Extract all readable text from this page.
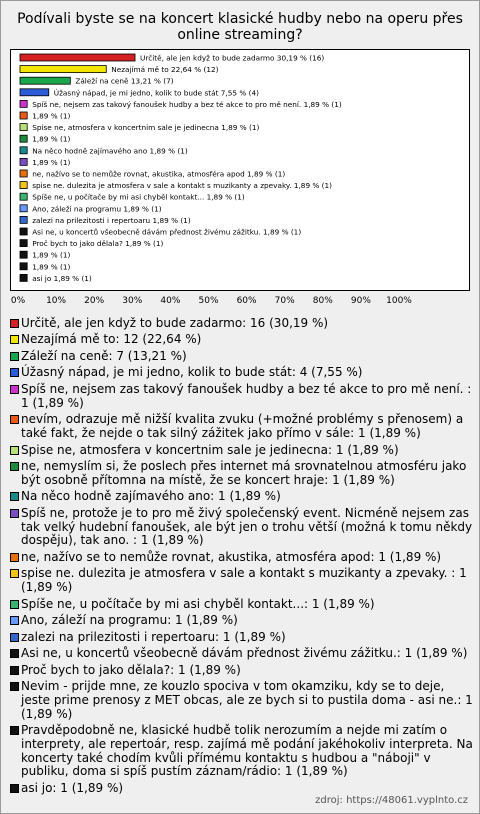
Podívali byste se na koncert klasické hudby nebo na operu přes online streaming?
Určitě, ale jen když to bude zadarmo 30,19 % (16)
Nezajímá mě to 22,64 % (12)
Záleží na ceně 13,21 % (7)
Úžasný nápad, je mi jedno, kolik to bude stát 7,55 % (4)
Spíš ne, nejsem zas takový fanoušek hudby a bez té akce to pro mě není. 1,89 % (1)
1,89 % (1)
Spise ne, atmosfera v koncertnim sale je jedinecna 1,89 % (1)
1,89 % (1)
Na něco hodně zajímavého ano 1,89 % (1)
1,89 % (1)
ne, nažívo se to nemůže rovnat, akustika, atmosféra apod 1,89 % (1)
spise ne. dulezita je atmosfera v sale a kontakt s muzikanty a zpevaky. 1,89 % (1)
Spíše ne, u počítače by mi asi chyběl kontakt... 1,89 % (1)
Ano, záleží na programu 1,89 % (1)
zalezi na prilezitosti i repertoaru 1,89 % (1)
Asi ne, u koncertů všeobecně dávám přednost živému zážitku. 1,89 % (1)
Proč bych to jako dělala? 1,89 % (1)
1,89 % (1)
1,89 % (1)
asi jo 1,89 % (1)
0% 10% 20% 30% 40% 50% 60% 70% 80% 90% 100%
Určitě, ale jen když to bude zadarmo: 16 (30,19 %)
Nezajímá mě to: 12 (22,64 %)
Záleží na ceně: 7 (13,21 %)
Úžasný nápad, je mi jedno, kolik to bude stát: 4 (7,55 %)
Spíš ne, nejsem zas takový fanoušek hudby a bez té akce to pro mě není. : 1 (1,89 %)
nevím, odrazuje mě nižší kvalita zvuku (+možné problémy s přenosem) a také fakt, že nejde o tak silný zážitek jako přímo v sále: 1 (1,89 %)
Spise ne, atmosfera v koncertnim sale je jedinecna: 1 (1,89 %)
ne, nemyslím si, že poslech přes internet má srovnatelnou atmosféru jako být osobně přítomna na místě, že se koncert hraje: 1 (1,89 %)
Na něco hodně zajímavého ano: 1 (1,89 %)
Spíš ne, protože je to pro mě živý společenský event. Nicméně nejsem zas tak velký hudební fanoušek, ale být jen o trohu větší (možná k tomu někdy dospěju), tak ano. : 1 (1,89 %)
ne, nažívo se to nemůže rovnat, akustika, atmosféra apod: 1 (1,89 %)
spise ne. dulezita je atmosfera v sale a kontakt s muzikanty a zpevaky. : 1 (1,89 %)
Spíše ne, u počítače by mi asi chyběl kontakt...: 1 (1,89 %)
Ano, záleží na programu: 1 (1,89 %)
zalezi na prilezitosti i repertoaru: 1 (1,89 %)
Asi ne, u koncertů všeobecně dávám přednost živému zážitku.: 1 (1,89 %)
Proč bych to jako dělala?: 1 (1,89 %)
Nevim - prijde mne, ze kouzlo spociva v tom okamziku, kdy se to deje, jeste prime prenosy z MET obcas, ale ze bych si to pustila doma - asi ne.: 1 (1,89 %)
Pravděpodobně ne, klasické hudbě tolik nerozumím a nejde mi zatím o interprety, ale repertoár, resp. zajímá mě podání jakéhokoliv interpreta. Na koncerty také chodím kvůli přímému kontaktu s hudbou a "náboji" v publiku, doma si spíš pustím záznam/rádio: 1 (1,89 %)
asi jo: 1 (1,89 %)
zdroj: https://48061.vyplnto.cz
